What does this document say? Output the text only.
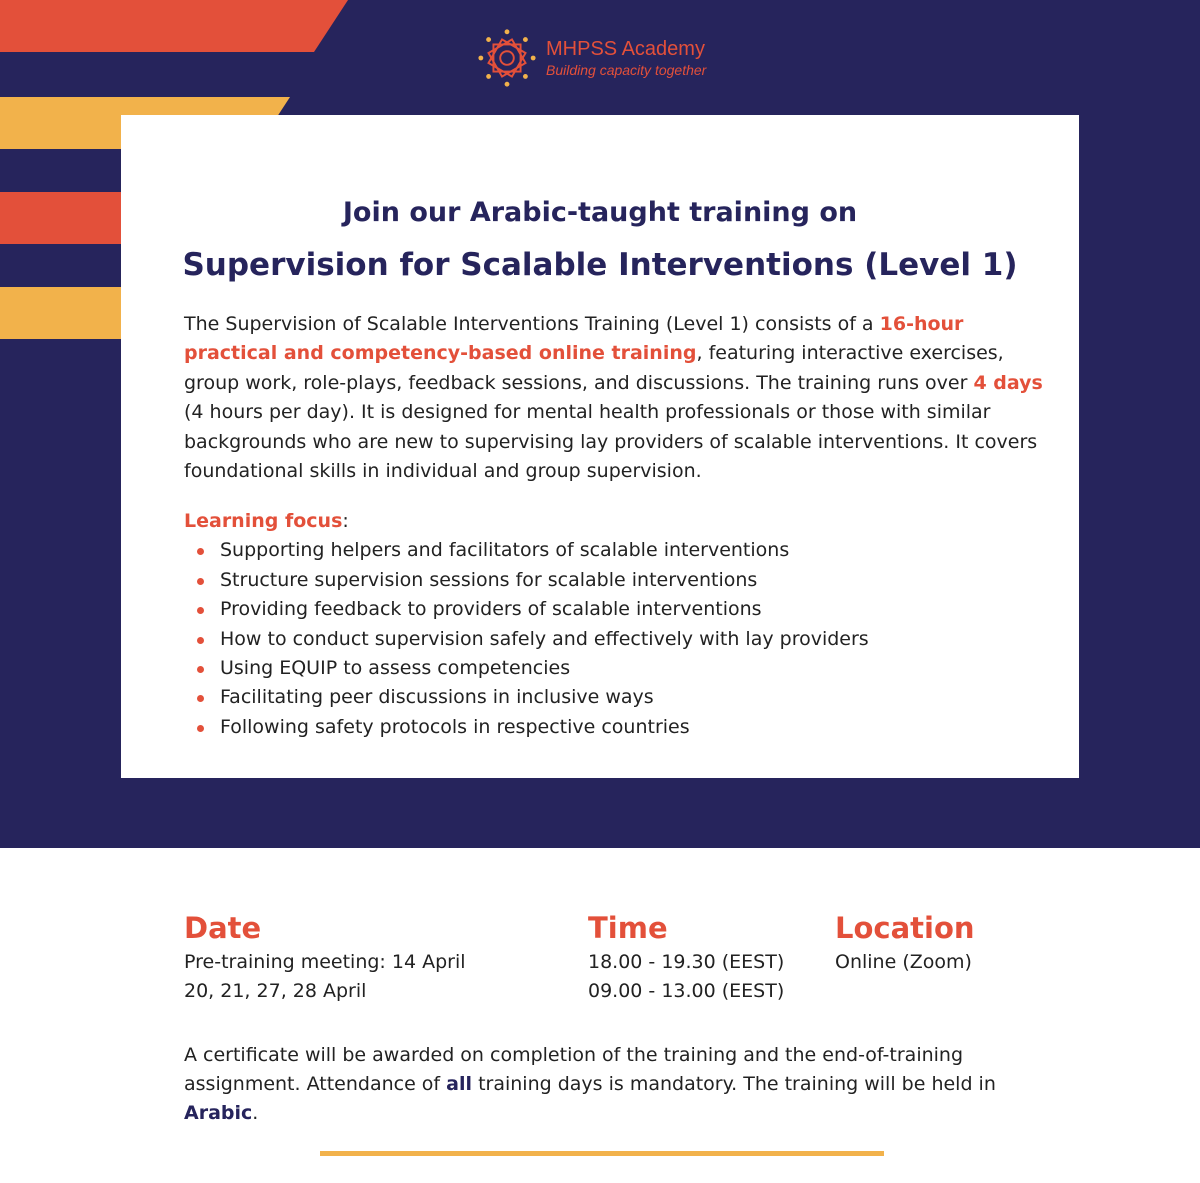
MHPSS Academy
Building capacity together
Join our Arabic-taught training on
Supervision for Scalable Interventions (Level 1)
The Supervision of Scalable Interventions Training (Level 1) consists of a 16-hour practical and competency-based online training, featuring interactive exercises, group work, role-plays, feedback sessions, and discussions. The training runs over 4 days (4 hours per day). It is designed for mental health professionals or those with similar backgrounds who are new to supervising lay providers of scalable interventions. It covers foundational skills in individual and group supervision.
Learning focus:
Supporting helpers and facilitators of scalable interventions
Structure supervision sessions for scalable interventions
Providing feedback to providers of scalable interventions
How to conduct supervision safely and effectively with lay providers
Using EQUIP to assess competencies
Facilitating peer discussions in inclusive ways
Following safety protocols in respective countries
Date
Pre-training meeting: 14 April
20, 21, 27, 28 April
Time
18.00 - 19.30 (EEST)
09.00 - 13.00 (EEST)
Location
Online (Zoom)
A certificate will be awarded on completion of the training and the end-of-training assignment. Attendance of all training days is mandatory. The training will be held in Arabic.
